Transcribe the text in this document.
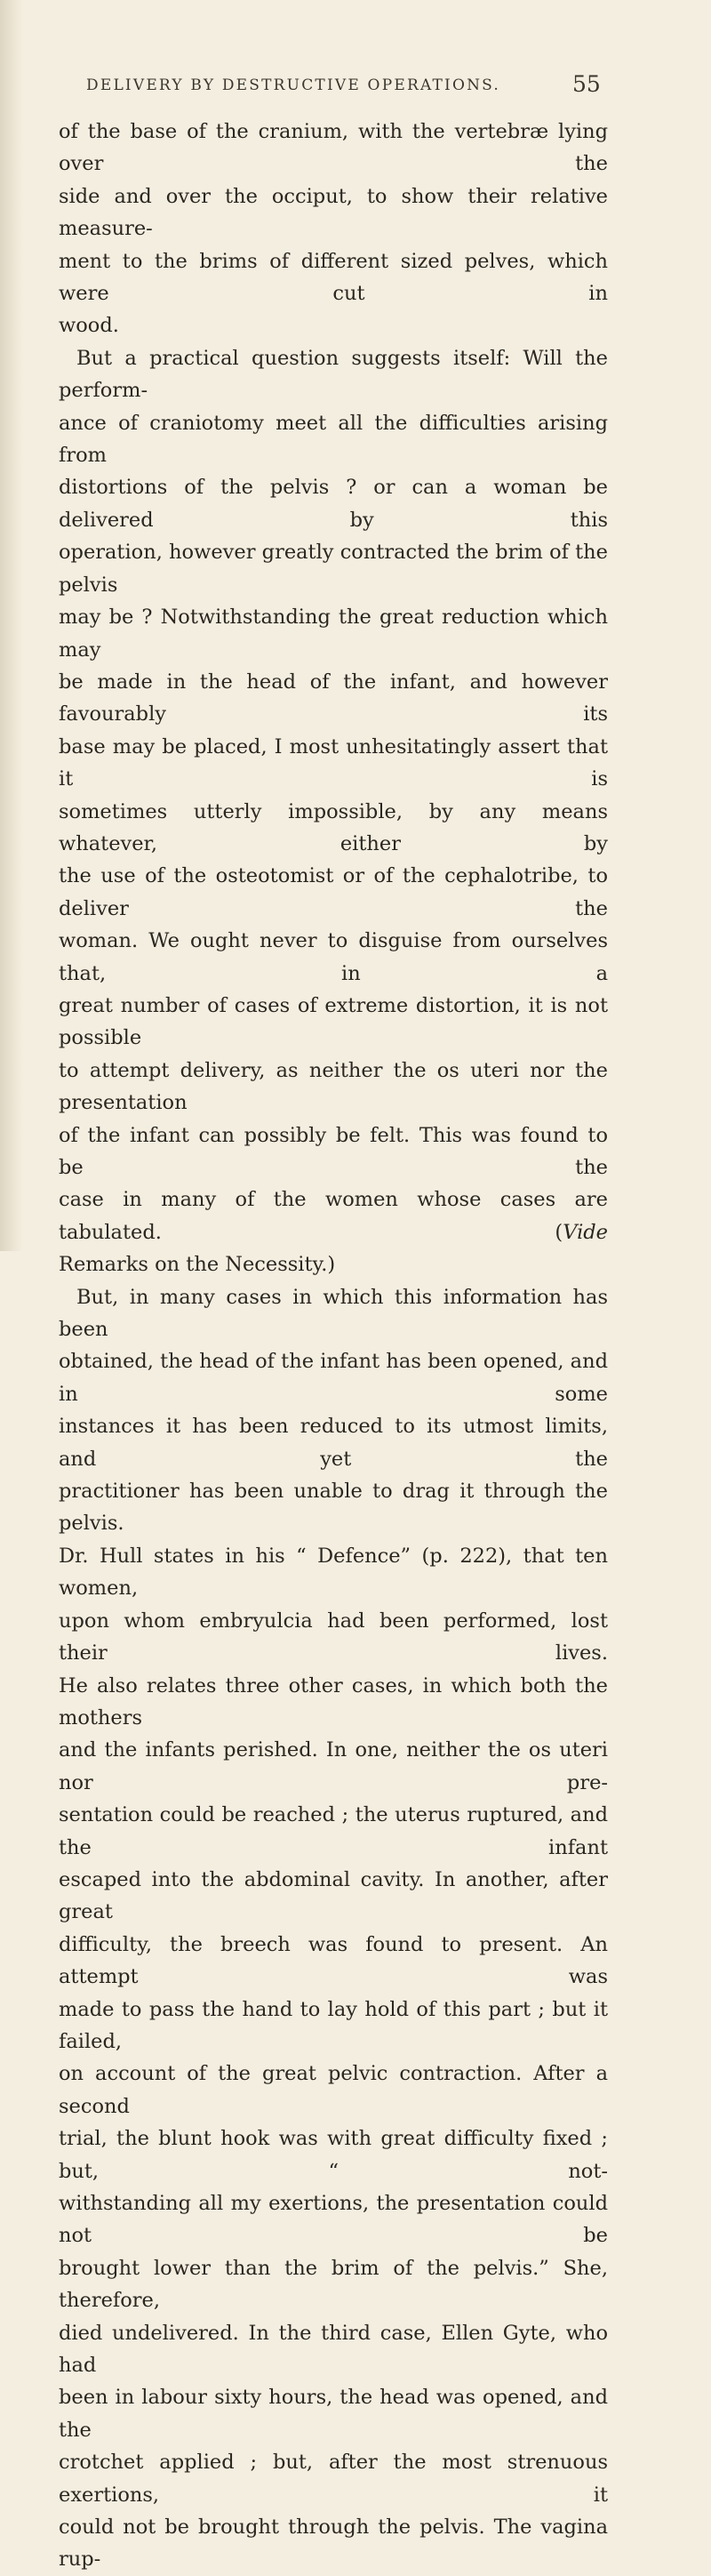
DELIVERY BY DESTRUCTIVE OPERATIONS.	55

of the base of the cranium, with the vertebræ lying over the
side and over the occiput, to show their relative measure-
ment to the brims of different sized pelves, which were cut in
wood.

But a practical question suggests itself: Will the perform-
ance of craniotomy meet all the difficulties arising from
distortions of the pelvis ? or can a woman be delivered by this
operation, however greatly contracted the brim of the pelvis
may be ? Notwithstanding the great reduction which may
be made in the head of the infant, and however favourably its
base may be placed, I most unhesitatingly assert that it is
sometimes utterly impossible, by any means whatever, either by
the use of the osteotomist or of the cephalotribe, to deliver the
woman. We ought never to disguise from ourselves that, in a
great number of cases of extreme distortion, it is not possible
to attempt delivery, as neither the os uteri nor the presentation
of the infant can possibly be felt. This was found to be the
case in many of the women whose cases are tabulated. (Vide
Remarks on the Necessity.)

But, in many cases in which this information has been
obtained, the head of the infant has been opened, and in some
instances it has been reduced to its utmost limits, and yet the
practitioner has been unable to drag it through the pelvis.
Dr. Hull states in his “ Defence” (p. 222), that ten women,
upon whom embryulcia had been performed, lost their lives.
He also relates three other cases, in which both the mothers
and the infants perished. In one, neither the os uteri nor pre-
sentation could be reached ; the uterus ruptured, and the infant
escaped into the abdominal cavity. In another, after great
difficulty, the breech was found to present. An attempt was
made to pass the hand to lay hold of this part ; but it failed,
on account of the great pelvic contraction. After a second
trial, the blunt hook was with great difficulty fixed ; but, “ not-
withstanding all my exertions, the presentation could not be
brought lower than the brim of the pelvis.” She, therefore,
died undelivered. In the third case, Ellen Gyte, who had
been in labour sixty hours, the head was opened, and the
crotchet applied ; but, after the most strenuous exertions, it
could not be brought through the pelvis. The vagina rup-
